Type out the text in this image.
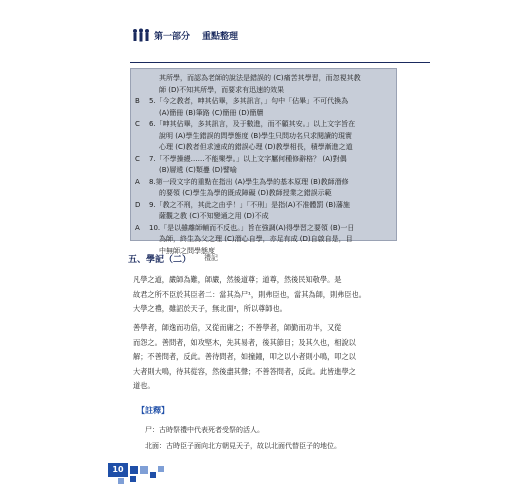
第一部分 重點整理
其所學，而認為老師的說法是錯誤的 (C)痛苦其學習，而忽視其教
師 (D)不知其所學，而要求有迅速的效果
B	5.「今之教者，呻其佔畢，多其訊言，」句中「佔畢」不可代換為
(A)簡冊 (B)筆路 (C)簡冊 (D)簡牘
C	6.「呻其佔畢，多其訊言，及于數進，而不顧其安。」以上文字旨在
說明 (A)學生錯誤的問學態度 (B)學生只問功名只求閱讀的現實
心理 (C)教者但求速成的錯誤心理 (D)教學相長，積學漸進之道
C	7.「不學操縵……不能樂學。」以上文字屬何種修辭格？ (A)對偶
(B)層遞 (C)類疊 (D)譬喻
A	8.第一段文字的重點在指出 (A)學生為學的基本原理 (B)教師潛修
的要領 (C)學生為學的既成障礙 (D)教師授業之錯誤示範
D	9.「教之不刑，其此之由乎！」「不刑」是指(A)不准體罰 (B)藩施
薩觀之教 (C)不知變通之用 (D)不成
A	10.「是以雖離師輔而不反也。」旨在強調(A)得學習之要領 (B)一日
為師，終生為父之理 (C)潛心自學，亦足有成 (D)自啟自是，目
中無師之問學態度
五、學記（二） 禮記
凡學之道，嚴師為難，師嚴，然後道尊；道尊，然後民知敬學。是
故君之所不臣於其臣者二：當其為尸¹，則弗臣也，當其為師，則弗臣也。
大學之禮，雖詔於天子，無北面²，所以尊師也。
善學者，師逸而功倍，又從而庸之；不善學者，師勤而功半，又從
而怨之。善問者，如攻堅木，先其易者，後其節目；及其久也，相說以
解；不善問者，反此。善待問者，如撞鐘，叩之以小者則小鳴，叩之以
大者則大鳴，待其從容，然後盡其聲；不善答問者，反此。此皆進學之
道也。
【註釋】
尸：古時祭禮中代表死者受祭的活人。
北面：古時臣子面向北方朝見天子，故以北面代替臣子的地位。
10
